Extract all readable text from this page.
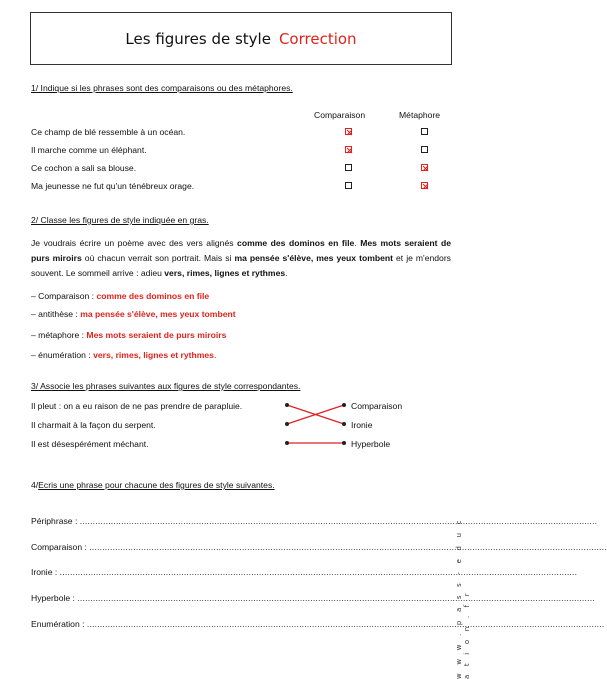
Les figures de style Correction
1/ Indique si les phrases sont des comparaisons ou des métaphores.
Comparaison	Métaphore
Ce champ de blé ressemble à un océan.
Il marche comme un éléphant.
Ce cochon a sali sa blouse.
Ma jeunesse ne fut qu'un ténébreux orage.
2/ Classe les figures de style indiquée en gras.
Je voudrais écrire un poème avec des vers alignés comme des dominos en file. Mes mots seraient de purs miroirs où chacun verrait son portrait. Mais si ma pensée s'élève, mes yeux tombent et je m'endors souvent. Le sommeil arrive : adieu vers, rimes, lignes et rythmes.
– Comparaison : comme des dominos en file
– antithèse : ma pensée s'élève, mes yeux tombent
– métaphore : Mes mots seraient de purs miroirs
– énumération : vers, rimes, lignes et rythmes.
3/ Associe les phrases suivantes aux figures de style correspondantes.
Il pleut : on a eu raison de ne pas prendre de parapluie.
Il charmait à la façon du serpent.
Il est désespérément méchant.
Comparaison
Ironie
Hyperbole
4/Ecris une phrase pour chacune des figures de style suivantes.
Périphrase : ........................................................................................................................................................................................................
Comparaison : ........................................................................................................................................................................................................
Ironie : ........................................................................................................................................................................................................
Hyperbole : ........................................................................................................................................................................................................
Enumération : ........................................................................................................................................................................................................
w w w . p a s s - e d u c a t i o n . f r
